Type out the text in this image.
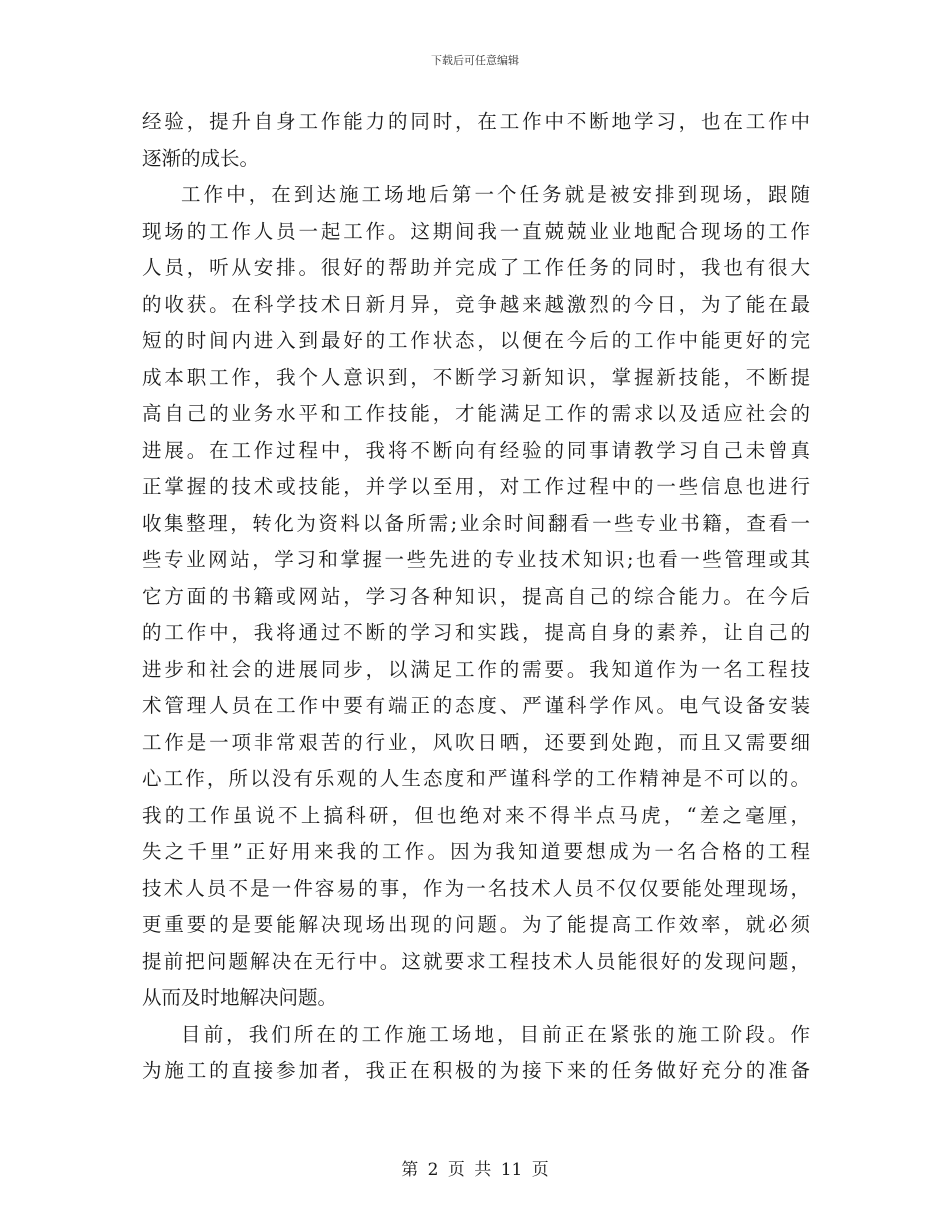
下载后可任意编辑
经验，提升自身工作能力的同时，在工作中不断地学习，也在工作中
逐渐的成长。
工作中，在到达施工场地后第一个任务就是被安排到现场，跟随
现场的工作人员一起工作。这期间我一直兢兢业业地配合现场的工作
人员，听从安排。很好的帮助并完成了工作任务的同时，我也有很大
的收获。在科学技术日新月异，竞争越来越激烈的今日，为了能在最
短的时间内进入到最好的工作状态，以便在今后的工作中能更好的完
成本职工作，我个人意识到，不断学习新知识，掌握新技能，不断提
高自己的业务水平和工作技能，才能满足工作的需求以及适应社会的
进展。在工作过程中，我将不断向有经验的同事请教学习自己未曾真
正掌握的技术或技能，并学以至用，对工作过程中的一些信息也进行
收集整理，转化为资料以备所需;业余时间翻看一些专业书籍，查看一
些专业网站，学习和掌握一些先进的专业技术知识;也看一些管理或其
它方面的书籍或网站，学习各种知识，提高自己的综合能力。在今后
的工作中，我将通过不断的学习和实践，提高自身的素养，让自己的
进步和社会的进展同步，以满足工作的需要。我知道作为一名工程技
术管理人员在工作中要有端正的态度、严谨科学作风。电气设备安装
工作是一项非常艰苦的行业，风吹日晒，还要到处跑，而且又需要细
心工作，所以没有乐观的人生态度和严谨科学的工作精神是不可以的。
我的工作虽说不上搞科研，但也绝对来不得半点马虎，“差之毫厘，
失之千里”正好用来我的工作。因为我知道要想成为一名合格的工程
技术人员不是一件容易的事，作为一名技术人员不仅仅要能处理现场，
更重要的是要能解决现场出现的问题。为了能提高工作效率，就必须
提前把问题解决在无行中。这就要求工程技术人员能很好的发现问题，
从而及时地解决问题。
目前，我们所在的工作施工场地，目前正在紧张的施工阶段。作
为施工的直接参加者，我正在积极的为接下来的任务做好充分的准备
第 2 页 共 11 页
